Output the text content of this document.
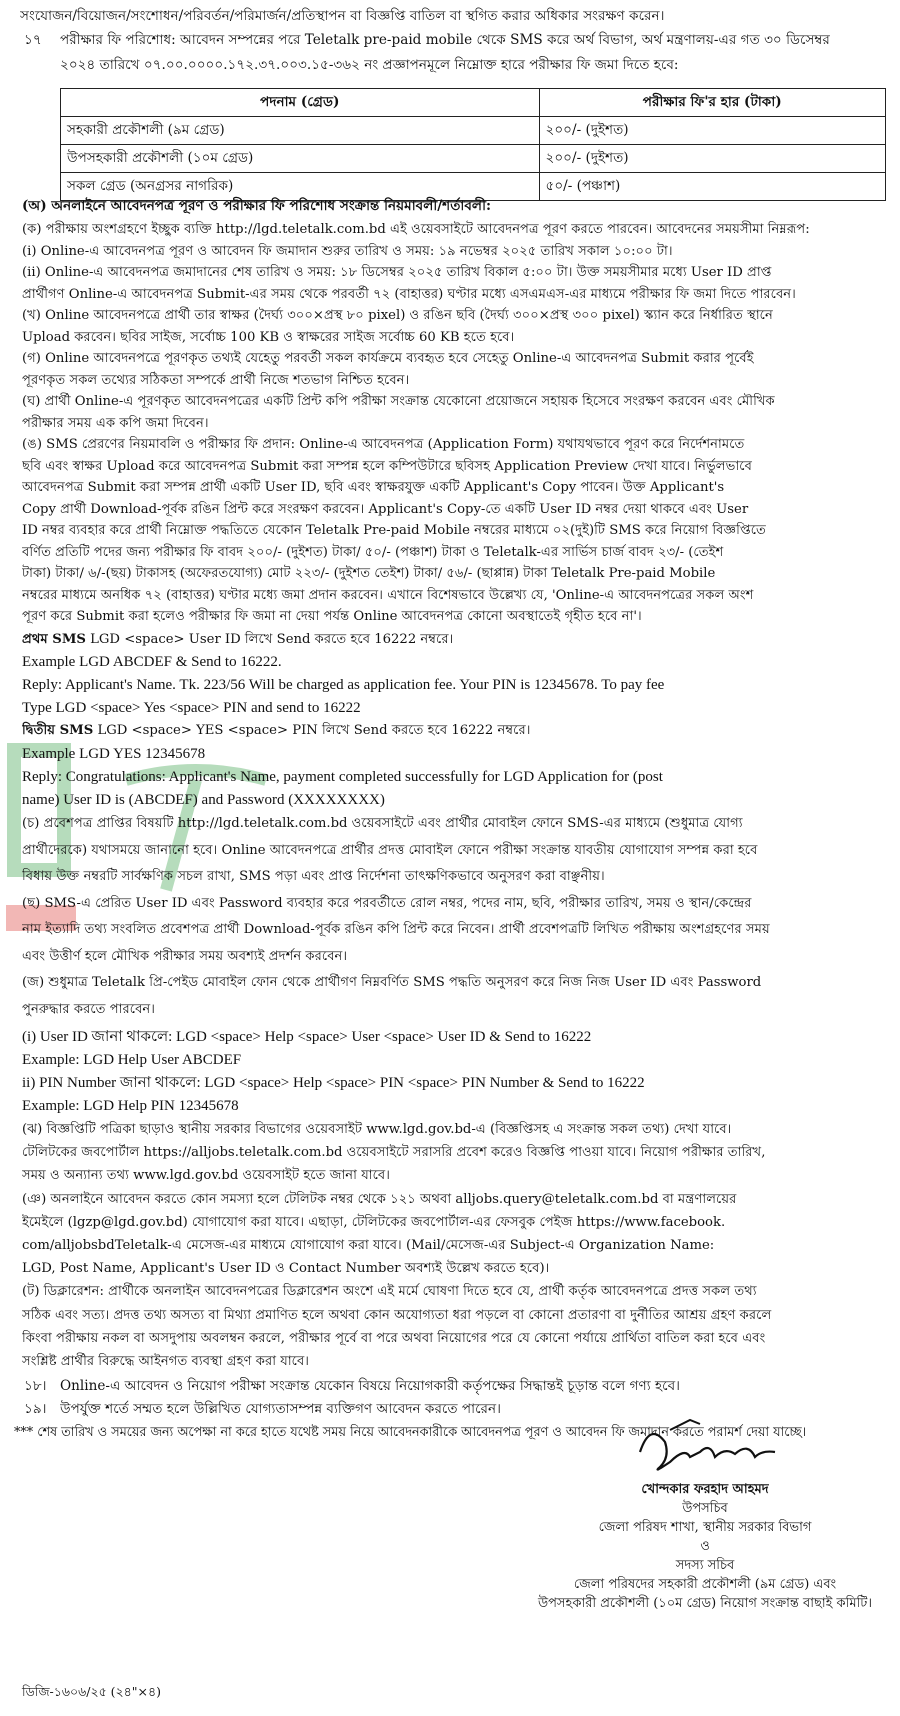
সংযোজন/বিয়োজন/সংশোধন/পরিবর্তন/পরিমার্জন/প্রতিস্থাপন বা বিজ্ঞপ্তি বাতিল বা স্থগিত করার অধিকার সংরক্ষণ করেন।
১৭	পরীক্ষার ফি পরিশোধ: আবেদন সম্পন্নের পরে Teletalk pre-paid mobile থেকে SMS করে অর্থ বিভাগ, অর্থ মন্ত্রণালয়-এর গত ৩০ ডিসেম্বর
২০২৪ তারিখে ০৭.০০.০০০০.১৭২.৩৭.০০৩.১৫-৩৬২ নং প্রজ্ঞাপনমূলে নিম্নোক্ত হারে পরীক্ষার ফি জমা দিতে হবে:
পদনাম (গ্রেড)	পরীক্ষার ফি'র হার (টাকা)
সহকারী প্রকৌশলী (৯ম গ্রেড)	২০০/- (দুইশত)
উপসহকারী প্রকৌশলী (১০ম গ্রেড)	২০০/- (দুইশত)
সকল গ্রেড (অনগ্রসর নাগরিক)	৫০/- (পঞ্চাশ)
(অ) অনলাইনে আবেদনপত্র পূরণ ও পরীক্ষার ফি পরিশোধ সংক্রান্ত নিয়মাবলী/শর্তাবলী:
(ক) পরীক্ষায় অংশগ্রহণে ইচ্ছুক ব্যক্তি http://lgd.teletalk.com.bd এই ওয়েবসাইটে আবেদনপত্র পূরণ করতে পারবেন। আবেদনের সময়সীমা নিম্নরূপ:
(i) Online-এ আবেদনপত্র পূরণ ও আবেদন ফি জমাদান শুরুর তারিখ ও সময়: ১৯ নভেম্বর ২০২৫ তারিখ সকাল ১০:০০ টা।
(ii) Online-এ আবেদনপত্র জমাদানের শেষ তারিখ ও সময়: ১৮ ডিসেম্বর ২০২৫ তারিখ বিকাল ৫:০০ টা। উক্ত সময়সীমার মধ্যে User ID প্রাপ্ত
প্রার্থীগণ Online-এ আবেদনপত্র Submit-এর সময় থেকে পরবর্তী ৭২ (বাহাত্তর) ঘণ্টার মধ্যে এসএমএস-এর মাধ্যমে পরীক্ষার ফি জমা দিতে পারবেন।
(খ) Online আবেদনপত্রে প্রার্থী তার স্বাক্ষর (দৈর্ঘ্য ৩০০×প্রস্থ ৮০ pixel) ও রঙিন ছবি (দৈর্ঘ্য ৩০০×প্রস্থ ৩০০ pixel) স্ক্যান করে নির্ধারিত স্থানে
Upload করবেন। ছবির সাইজ, সর্বোচ্চ 100 KB ও স্বাক্ষরের সাইজ সর্বোচ্চ 60 KB হতে হবে।
(গ) Online আবেদনপত্রে পূরণকৃত তথ্যই যেহেতু পরবর্তী সকল কার্যক্রমে ব্যবহৃত হবে সেহেতু Online-এ আবেদনপত্র Submit করার পূর্বেই
পূরণকৃত সকল তথ্যের সঠিকতা সম্পর্কে প্রার্থী নিজে শতভাগ নিশ্চিত হবেন।
(ঘ) প্রার্থী Online-এ পূরণকৃত আবেদনপত্রের একটি প্রিন্ট কপি পরীক্ষা সংক্রান্ত যেকোনো প্রয়োজনে সহায়ক হিসেবে সংরক্ষণ করবেন এবং মৌখিক
পরীক্ষার সময় এক কপি জমা দিবেন।
(ঙ) SMS প্রেরণের নিয়মাবলি ও পরীক্ষার ফি প্রদান: Online-এ আবেদনপত্র (Application Form) যথাযথভাবে পূরণ করে নির্দেশনামতে
ছবি এবং স্বাক্ষর Upload করে আবেদনপত্র Submit করা সম্পন্ন হলে কম্পিউটারে ছবিসহ Application Preview দেখা যাবে। নির্ভুলভাবে
আবেদনপত্র Submit করা সম্পন্ন প্রার্থী একটি User ID, ছবি এবং স্বাক্ষরযুক্ত একটি Applicant's Copy পাবেন। উক্ত Applicant's
Copy প্রার্থী Download-পূর্বক রঙিন প্রিন্ট করে সংরক্ষণ করবেন। Applicant's Copy-তে একটি User ID নম্বর দেয়া থাকবে এবং User
ID নম্বর ব্যবহার করে প্রার্থী নিম্নোক্ত পদ্ধতিতে যেকোন Teletalk Pre-paid Mobile নম্বরের মাধ্যমে ০২(দুই)টি SMS করে নিয়োগ বিজ্ঞপ্তিতে
বর্ণিত প্রতিটি পদের জন্য পরীক্ষার ফি বাবদ ২০০/- (দুইশত) টাকা/ ৫০/- (পঞ্চাশ) টাকা ও Teletalk-এর সার্ভিস চার্জ বাবদ ২৩/- (তেইশ
টাকা) টাকা/ ৬/-(ছয়) টাকাসহ (অফেরতযোগ্য) মোট ২২৩/- (দুইশত তেইশ) টাকা/ ৫৬/- (ছাপ্পান্ন) টাকা Teletalk Pre-paid Mobile
নম্বরের মাধ্যমে অনধিক ৭২ (বাহাত্তর) ঘণ্টার মধ্যে জমা প্রদান করবেন। এখানে বিশেষভাবে উল্লেখ্য যে, 'Online-এ আবেদনপত্রের সকল অংশ
পূরণ করে Submit করা হলেও পরীক্ষার ফি জমা না দেয়া পর্যন্ত Online আবেদনপত্র কোনো অবস্থাতেই গৃহীত হবে না'।
প্রথম SMS LGD <space> User ID লিখে Send করতে হবে 16222 নম্বরে।
Example LGD ABCDEF & Send to 16222.
Reply: Applicant's Name. Tk. 223/56 Will be charged as application fee. Your PIN is 12345678. To pay fee
Type LGD <space> Yes <space> PIN and send to 16222
দ্বিতীয় SMS LGD <space> YES <space> PIN লিখে Send করতে হবে 16222 নম্বরে।
Example LGD YES 12345678
Reply: Congratulations: Applicant's Name, payment completed successfully for LGD Application for (post
name) User ID is (ABCDEF) and Password (XXXXXXXX)
(চ) প্রবেশপত্র প্রাপ্তির বিষয়টি http://lgd.teletalk.com.bd ওয়েবসাইটে এবং প্রার্থীর মোবাইল ফোনে SMS-এর মাধ্যমে (শুধুমাত্র যোগ্য
প্রার্থীদেরকে) যথাসময়ে জানানো হবে। Online আবেদনপত্রে প্রার্থীর প্রদত্ত মোবাইল ফোনে পরীক্ষা সংক্রান্ত যাবতীয় যোগাযোগ সম্পন্ন করা হবে
বিধায় উক্ত নম্বরটি সার্বক্ষণিক সচল রাখা, SMS পড়া এবং প্রাপ্ত নির্দেশনা তাৎক্ষণিকভাবে অনুসরণ করা বাঞ্ছনীয়।
(ছ) SMS-এ প্রেরিত User ID এবং Password ব্যবহার করে পরবর্তীতে রোল নম্বর, পদের নাম, ছবি, পরীক্ষার তারিখ, সময় ও স্থান/কেন্দ্রের
নাম ইত্যাদি তথ্য সংবলিত প্রবেশপত্র প্রার্থী Download-পূর্বক রঙিন কপি প্রিন্ট করে নিবেন। প্রার্থী প্রবেশপত্রটি লিখিত পরীক্ষায় অংশগ্রহণের সময়
এবং উত্তীর্ণ হলে মৌখিক পরীক্ষার সময় অবশ্যই প্রদর্শন করবেন।
(জ) শুধুমাত্র Teletalk প্রি-পেইড মোবাইল ফোন থেকে প্রার্থীগণ নিম্নবর্ণিত SMS পদ্ধতি অনুসরণ করে নিজ নিজ User ID এবং Password
পুনরুদ্ধার করতে পারবেন।
(i) User ID জানা থাকলে: LGD <space> Help <space> User <space> User ID & Send to 16222
Example: LGD Help User ABCDEF
ii) PIN Number জানা থাকলে: LGD <space> Help <space> PIN <space> PIN Number & Send to 16222
Example: LGD Help PIN 12345678
(ঝ) বিজ্ঞপ্তিটি পত্রিকা ছাড়াও স্থানীয় সরকার বিভাগের ওয়েবসাইট www.lgd.gov.bd-এ (বিজ্ঞপ্তিসহ এ সংক্রান্ত সকল তথ্য) দেখা যাবে।
টেলিটকের জবপোর্টাল https://alljobs.teletalk.com.bd ওয়েবসাইটে সরাসরি প্রবেশ করেও বিজ্ঞপ্তি পাওয়া যাবে। নিয়োগ পরীক্ষার তারিখ,
সময় ও অন্যান্য তথ্য www.lgd.gov.bd ওয়েবসাইট হতে জানা যাবে।
(ঞ) অনলাইনে আবেদন করতে কোন সমস্যা হলে টেলিটক নম্বর থেকে ১২১ অথবা alljobs.query@teletalk.com.bd বা মন্ত্রণালয়ের
ইমেইলে (lgzp@lgd.gov.bd) যোগাযোগ করা যাবে। এছাড়া, টেলিটকের জবপোর্টাল-এর ফেসবুক পেইজ https://www.facebook.
com/alljobsbdTeletalk-এ মেসেজ-এর মাধ্যমে যোগাযোগ করা যাবে। (Mail/মেসেজ-এর Subject-এ Organization Name:
LGD, Post Name, Applicant's User ID ও Contact Number অবশ্যই উল্লেখ করতে হবে)।
(ট) ডিক্লারেশন: প্রার্থীকে অনলাইন আবেদনপত্রের ডিক্লারেশন অংশে এই মর্মে ঘোষণা দিতে হবে যে, প্রার্থী কর্তৃক আবেদনপত্রে প্রদত্ত সকল তথ্য
সঠিক এবং সত্য। প্রদত্ত তথ্য অসত্য বা মিথ্যা প্রমাণিত হলে অথবা কোন অযোগ্যতা ধরা পড়লে বা কোনো প্রতারণা বা দুর্নীতির আশ্রয় গ্রহণ করলে
কিংবা পরীক্ষায় নকল বা অসদুপায় অবলম্বন করলে, পরীক্ষার পূর্বে বা পরে অথবা নিয়োগের পরে যে কোনো পর্যায়ে প্রার্থিতা বাতিল করা হবে এবং
সংশ্লিষ্ট প্রার্থীর বিরুদ্ধে আইনগত ব্যবস্থা গ্রহণ করা যাবে।
১৮। Online-এ আবেদন ও নিয়োগ পরীক্ষা সংক্রান্ত যেকোন বিষয়ে নিয়োগকারী কর্তৃপক্ষের সিদ্ধান্তই চূড়ান্ত বলে গণ্য হবে।
১৯। উপর্যুক্ত শর্তে সম্মত হলে উল্লিখিত যোগ্যতাসম্পন্ন ব্যক্তিগণ আবেদন করতে পারেন।
*** শেষ তারিখ ও সময়ের জন্য অপেক্ষা না করে হাতে যথেষ্ট সময় নিয়ে আবেদনকারীকে আবেদনপত্র পূরণ ও আবেদন ফি জমাদান করতে পরামর্শ দেয়া যাচ্ছে।
খোন্দকার ফরহাদ আহমদ
উপসচিব
জেলা পরিষদ শাখা, স্থানীয় সরকার বিভাগ
ও
সদস্য সচিব
জেলা পরিষদের সহকারী প্রকৌশলী (৯ম গ্রেড) এবং
উপসহকারী প্রকৌশলী (১০ম গ্রেড) নিয়োগ সংক্রান্ত বাছাই কমিটি।
ডিজি-১৬০৬/২৫ (২৪"×৪)
